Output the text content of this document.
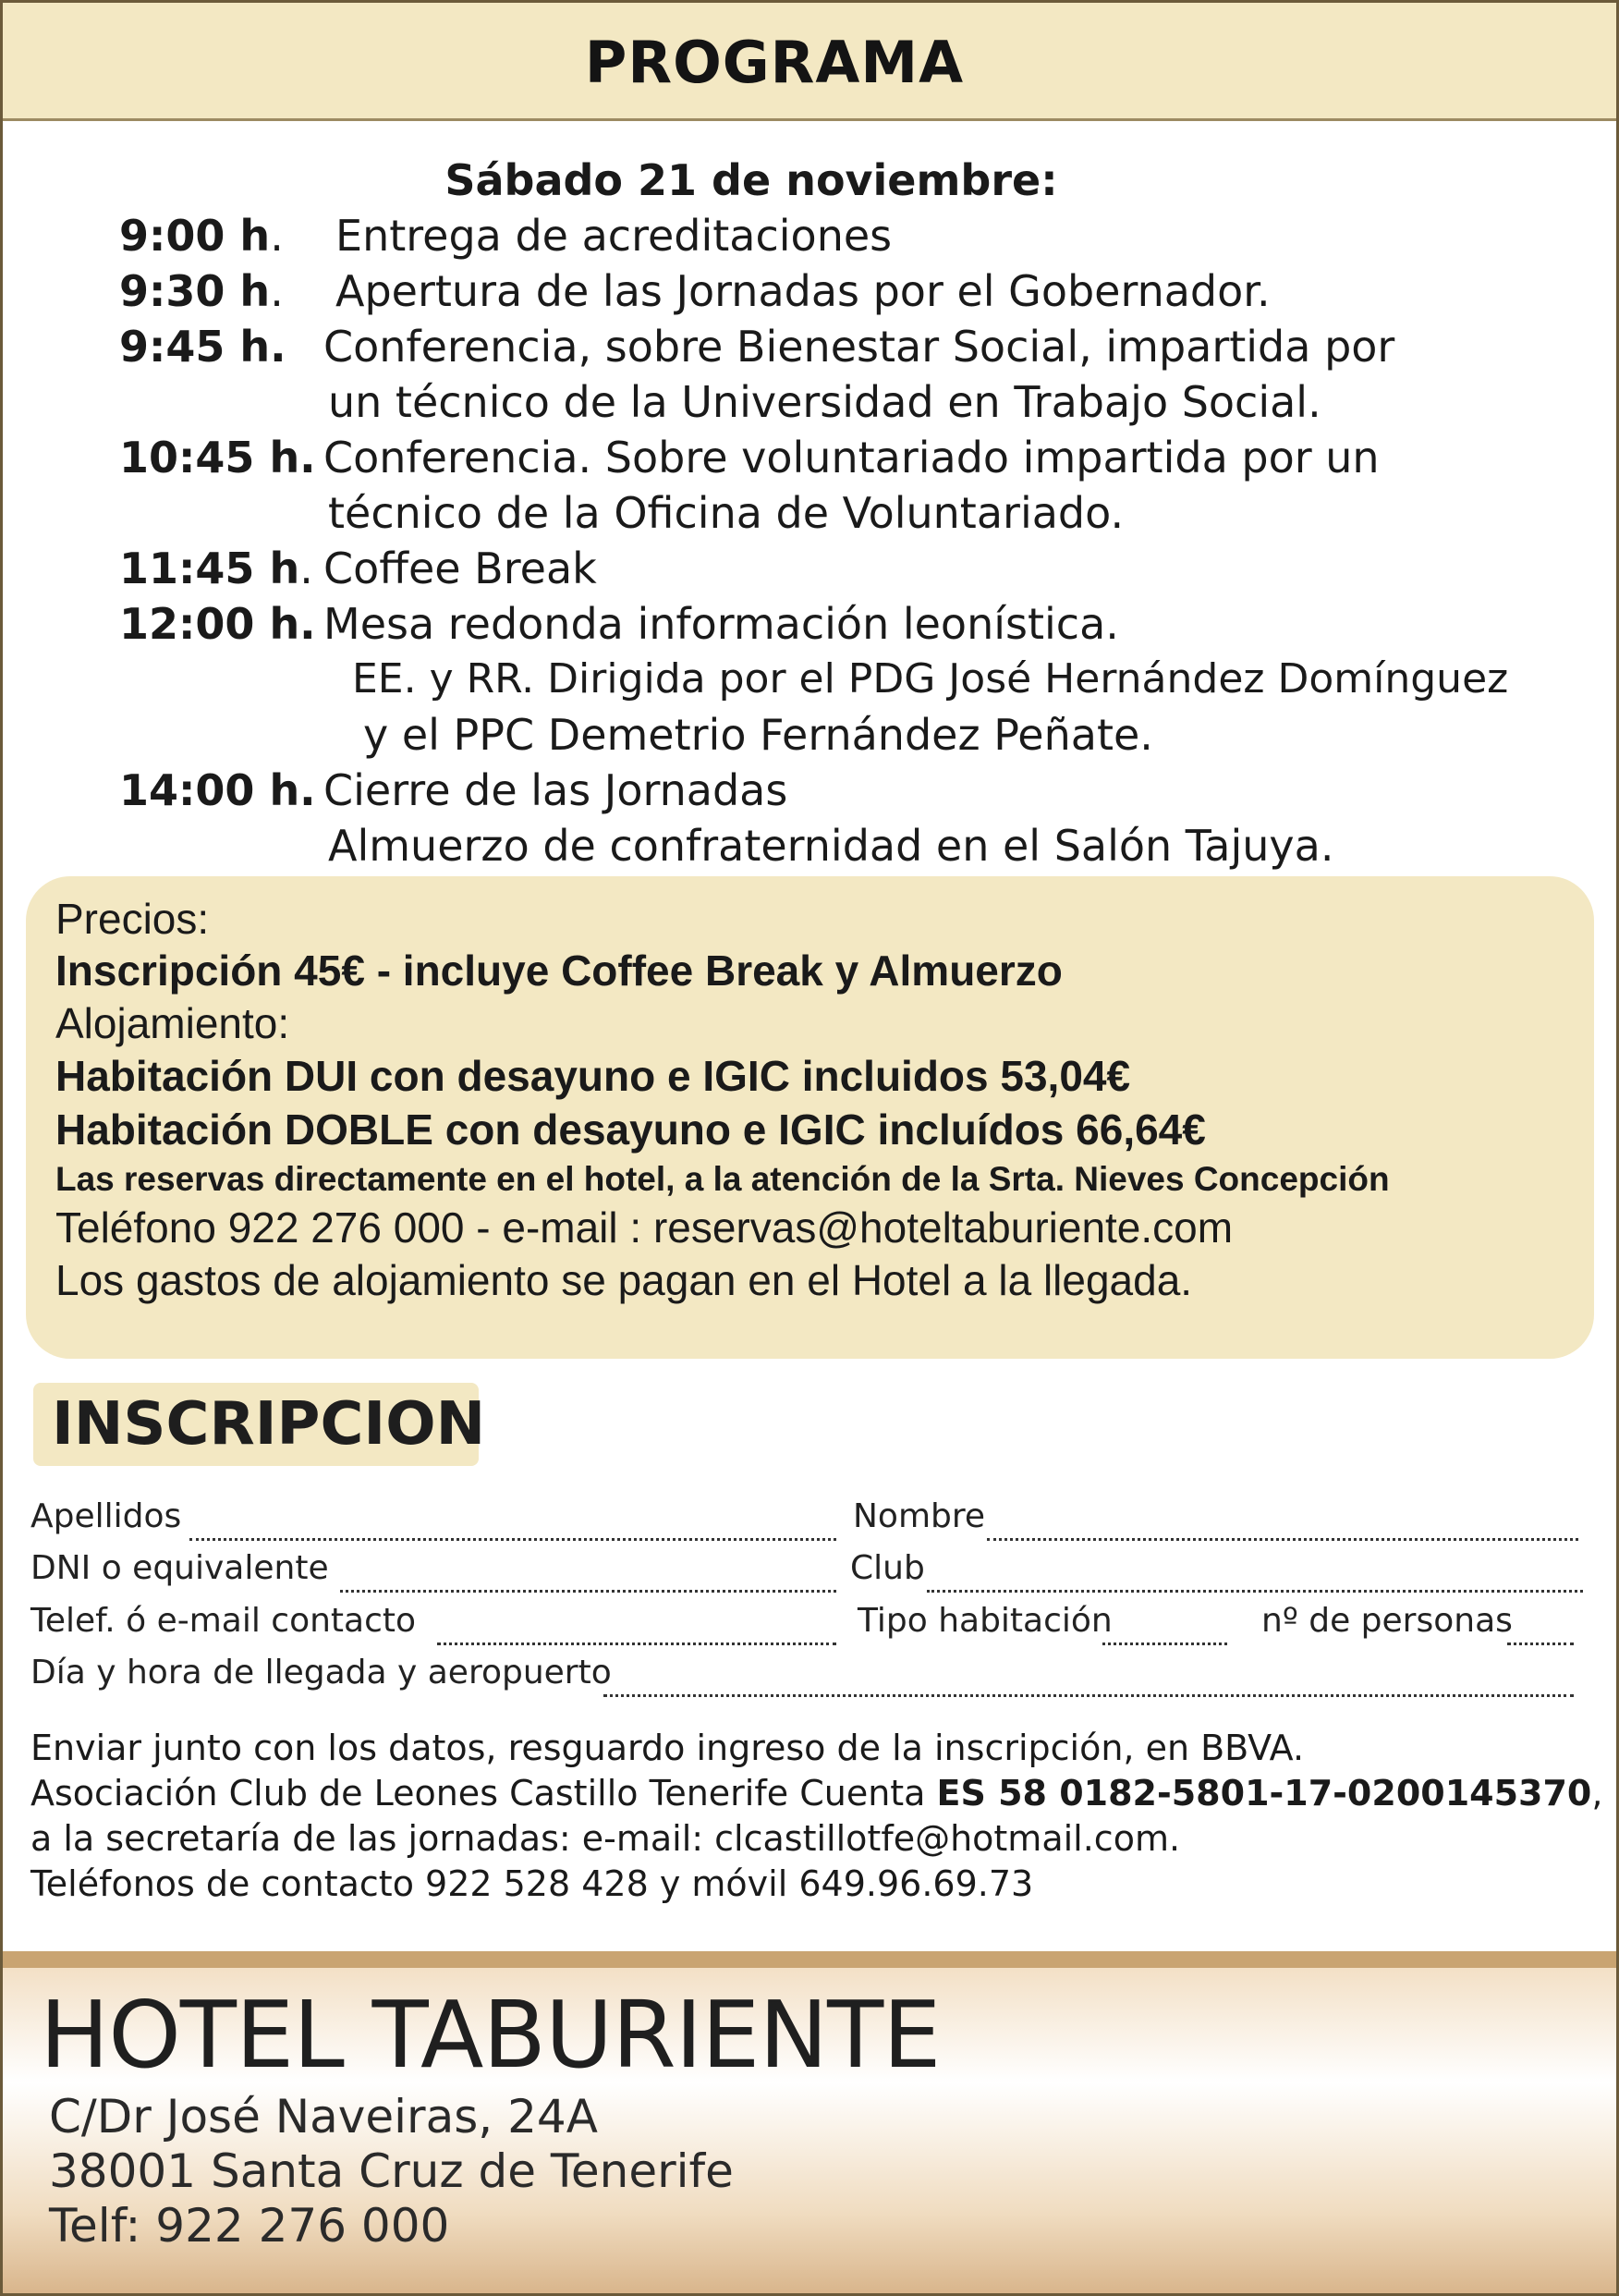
PROGRAMA
Sábado 21 de noviembre:
9:00 h. Entrega de acreditaciones
9:30 h. Apertura de las Jornadas por el Gobernador.
9:45 h. Conferencia, sobre Bienestar Social, impartida por
un técnico de la Universidad en Trabajo Social.
10:45 h. Conferencia. Sobre voluntariado impartida por un
técnico de la Oficina de Voluntariado.
11:45 h. Coffee Break
12:00 h. Mesa redonda información leonística.
EE. y RR. Dirigida por el PDG José Hernández Domínguez
y el PPC Demetrio Fernández Peñate.
14:00 h. Cierre de las Jornadas
Almuerzo de confraternidad en el Salón Tajuya.
Precios:
Inscripción 45€ - incluye Coffee Break y Almuerzo
Alojamiento:
Habitación DUI con desayuno e IGIC incluidos 53,04€
Habitación DOBLE con desayuno e IGIC incluídos 66,64€
Las reservas directamente en el hotel, a la atención de la Srta. Nieves Concepción
Teléfono 922 276 000 - e-mail : reservas@hoteltaburiente.com
Los gastos de alojamiento se pagan en el Hotel a la llegada.
INSCRIPCION
Apellidos	Nombre
DNI o equivalente	Club
Telef. ó e-mail contacto	Tipo habitación	nº de personas
Día y hora de llegada y aeropuerto
Enviar junto con los datos, resguardo ingreso de la inscripción, en BBVA.
Asociación Club de Leones Castillo Tenerife Cuenta ES 58 0182-5801-17-0200145370,
a la secretaría de las jornadas: e-mail: clcastillotfe@hotmail.com.
Teléfonos de contacto 922 528 428 y móvil 649.96.69.73
HOTEL TABURIENTE
C/Dr José Naveiras, 24A
38001 Santa Cruz de Tenerife
Telf: 922 276 000
